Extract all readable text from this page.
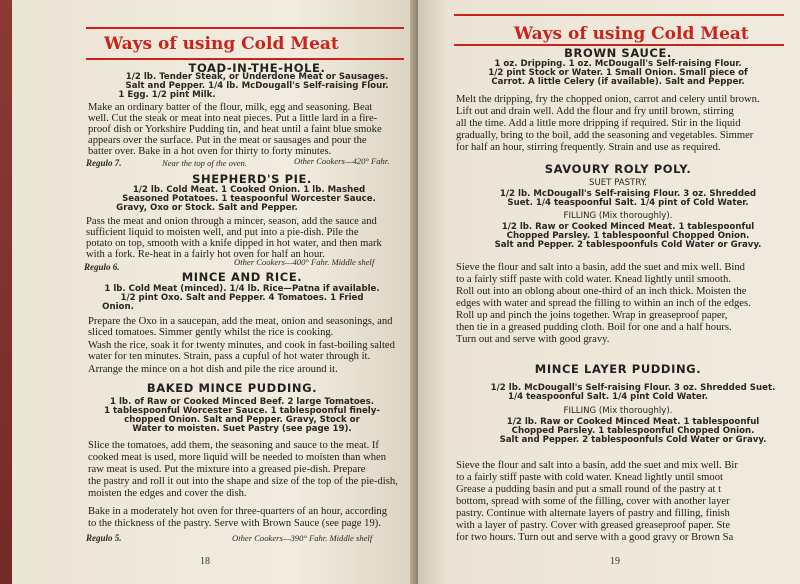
Ways of using Cold Meat
TOAD-IN-THE-HOLE.
1/2 lb. Tender Steak, or Underdone Meat or Sausages.
Salt and Pepper. 1/4 lb. McDougall's Self-raising Flour.
1 Egg. 1/2 pint Milk.
Make an ordinary batter of the flour, milk, egg and seasoning. Beat
well. Cut the steak or meat into neat pieces. Put a little lard in a fire-
proof dish or Yorkshire Pudding tin, and heat until a faint blue smoke
appears over the surface. Put in the meat or sausages and pour the
batter over. Bake in a hot oven for thirty to forty minutes.
Regulo 7.	Near the top of the oven.	Other Cookers—420° Fahr.
SHEPHERD'S PIE.
1/2 lb. Cold Meat. 1 Cooked Onion. 1 lb. Mashed
Seasoned Potatoes. 1 teaspoonful Worcester Sauce.
Gravy, Oxo or Stock. Salt and Pepper.
Pass the meat and onion through a mincer, season, add the sauce and
sufficient liquid to moisten well, and put into a pie-dish. Pile the
potato on top, smooth with a knife dipped in hot water, and then mark
with a fork. Re-heat in a fairly hot oven for half an hour.
Regulo 6.	Other Cookers—400° Fahr. Middle shelf
MINCE AND RICE.
1 lb. Cold Meat (minced). 1/4 lb. Rice—Patna if available.
1/2 pint Oxo. Salt and Pepper. 4 Tomatoes. 1 Fried
Onion.
Prepare the Oxo in a saucepan, add the meat, onion and seasonings, and
sliced tomatoes. Simmer gently whilst the rice is cooking.
Wash the rice, soak it for twenty minutes, and cook in fast-boiling salted
water for ten minutes. Strain, pass a cupful of hot water through it.
Arrange the mince on a hot dish and pile the rice around it.
BAKED MINCE PUDDING.
1 lb. of Raw or Cooked Minced Beef. 2 large Tomatoes.
1 tablespoonful Worcester Sauce. 1 tablespoonful finely-
chopped Onion. Salt and Pepper. Gravy, Stock or
Water to moisten. Suet Pastry (see page 19).
Slice the tomatoes, add them, the seasoning and sauce to the meat. If
cooked meat is used, more liquid will be needed to moisten than when
raw meat is used. Put the mixture into a greased pie-dish. Prepare
the pastry and roll it out into the shape and size of the top of the pie-dish,
moisten the edges and cover the dish.
Bake in a moderately hot oven for three-quarters of an hour, according
to the thickness of the pastry. Serve with Brown Sauce (see page 19).
Regulo 5.	Other Cookers—390° Fahr. Middle shelf
18
Ways of using Cold Meat
BROWN SAUCE.
1 oz. Dripping. 1 oz. McDougall's Self-raising Flour.
1/2 pint Stock or Water. 1 Small Onion. Small piece of
Carrot. A little Celery (if available). Salt and Pepper.
Melt the dripping, fry the chopped onion, carrot and celery until brown.
Lift out and drain well. Add the flour and fry until brown, stirring
all the time. Add a little more dripping if required. Stir in the liquid
gradually, bring to the boil, add the seasoning and vegetables. Simmer
for half an hour, stirring frequently. Strain and use as required.
SAVOURY ROLY POLY.
SUET PASTRY.
1/2 lb. McDougall's Self-raising Flour. 3 oz. Shredded
Suet. 1/4 teaspoonful Salt. 1/4 pint of Cold Water.
FILLING (Mix thoroughly).
1/2 lb. Raw or Cooked Minced Meat. 1 tablespoonful
Chopped Parsley. 1 tablespoonful Chopped Onion.
Salt and Pepper. 2 tablespoonfuls Cold Water or Gravy.
Sieve the flour and salt into a basin, add the suet and mix well. Bind
to a fairly stiff paste with cold water. Knead lightly until smooth.
Roll out into an oblong about one-third of an inch thick. Moisten the
edges with water and spread the filling to within an inch of the edges.
Roll up and pinch the joins together. Wrap in greaseproof paper,
then tie in a greased pudding cloth. Boil for one and a half hours.
Turn out and serve with good gravy.
MINCE LAYER PUDDING.
1/2 lb. McDougall's Self-raising Flour. 3 oz. Shredded Suet.
1/4 teaspoonful Salt. 1/4 pint Cold Water.
FILLING (Mix thoroughly).
1/2 lb. Raw or Cooked Minced Meat. 1 tablespoonful
Chopped Parsley. 1 tablespoonful Chopped Onion.
Salt and Pepper. 2 tablespoonfuls Cold Water or Gravy.
Sieve the flour and salt into a basin, add the suet and mix well. Bir
to a fairly stiff paste with cold water. Knead lightly until smoot
Grease a pudding basin and put a small round of the pastry at t
bottom, spread with some of the filling, cover with another layer
pastry. Continue with alternate layers of pastry and filling, finish
with a layer of pastry. Cover with greased greaseproof paper. Ste
for two hours. Turn out and serve with a good gravy or Brown Sa
19
